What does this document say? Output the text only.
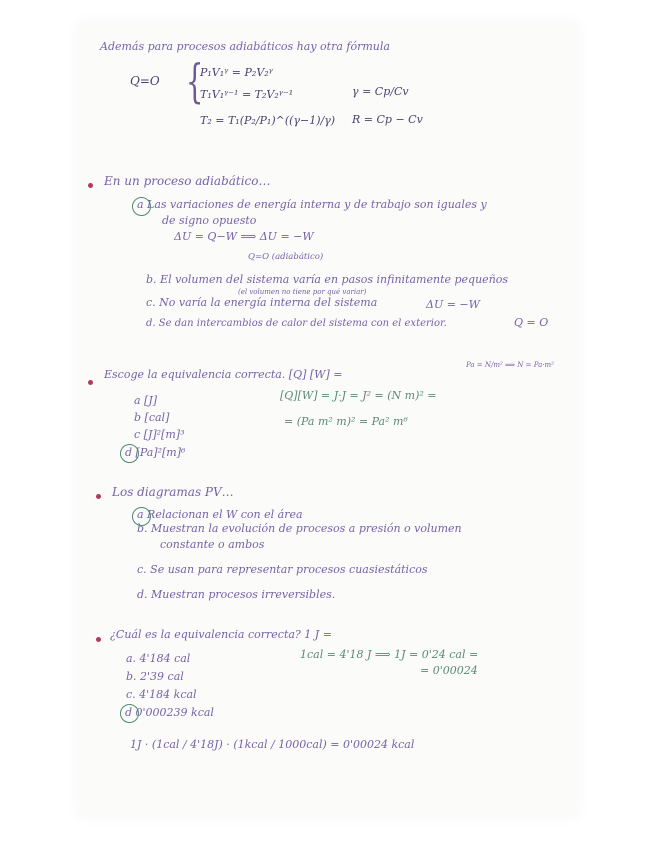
Además para procesos adiabáticos hay otra fórmula
Q=O {
P₁V₁ᵞ = P₂V₂ᵞ
T₁V₁ᵞ⁻¹ = T₂V₂ᵞ⁻¹
T₂ = T₁(P₂/P₁)^((γ−1)/γ)
γ = Cp/Cv
R = Cp − Cv
En un proceso adiabático…
a Las variaciones de energía interna y de trabajo son iguales y
de signo opuesto
ΔU = Q−W ⟹ ΔU = −W
Q=O (adiabático)
b. El volumen del sistema varía en pasos infinitamente pequeños
(el volumen no tiene por qué variar)
c. No varía la energía interna del sistema	ΔU = −W
d. Se dan intercambios de calor del sistema con el exterior.	Q = O
Escoge la equivalencia correcta. [Q] [W] =
Pa = N/m² ⟹ N = Pa·m²
a [J]
b [cal]
c [J]²[m]³
d [Pa]²[m]⁶
[Q][W] = J·J = J² = (N m)² =
= (Pa m² m)² = Pa² m⁶
Los diagramas PV…
a Relacionan el W con el área
b. Muestran la evolución de procesos a presión o volumen
constante o ambos
c. Se usan para representar procesos cuasiestáticos
d. Muestran procesos irreversibles.
¿Cuál es la equivalencia correcta? 1 J =
a. 4'184 cal
b. 2'39 cal
c. 4'184 kcal
d 0'000239 kcal
1cal = 4'18 J ⟹ 1J = 0'24 cal =
= 0'00024
1J · (1cal / 4'18J) · (1kcal / 1000cal) = 0'00024 kcal
